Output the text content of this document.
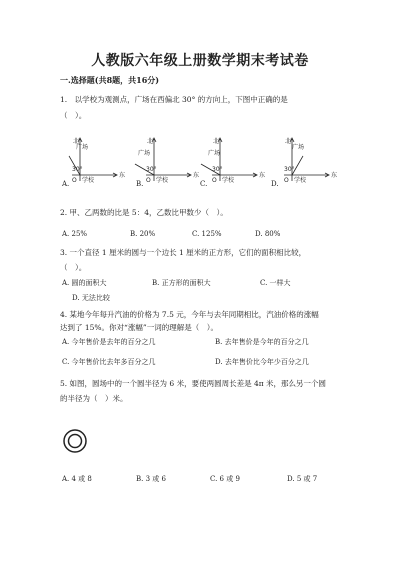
人教版六年级上册数学期末考试卷
一.选择题(共8题，共16分)
1.　以学校为观测点，广场在西偏北 30° 的方向上，下图中正确的是
（　）。
30°
北
东
广场
O 学校
30°
北
东
广场
O 学校
30°
北
东
广场
O 学校
30°
北
东
广场
O 学校
A.	B.	C.	D.
2. 甲、乙两数的比是 5：4，乙数比甲数少（　）。
A. 25%	B. 20%	C. 125%	D. 80%
3. 一个直径 1 厘米的圆与一个边长 1 厘米的正方形，它们的面积相比较，
（　）。
A. 圆的面积大	B. 正方形的面积大	C. 一样大
D. 无法比较
4. 某地今年每升汽油的价格为 7.5 元，今年与去年同期相比，汽油价格的涨幅
达到了 15%。你对“涨幅”一词的理解是（　）。
A. 今年售价是去年的百分之几	B. 去年售价是今年的百分之几
C. 今年售价比去年多百分之几	D. 去年售价比今年少百分之几
5. 如图，圆场中的一个圆半径为 6 米，要使两圆周长差是 4π 米，那么另一个圆
的半径为（　）米。
A. 4 或 8	B. 3 或 6	C. 6 或 9	D. 5 或 7
